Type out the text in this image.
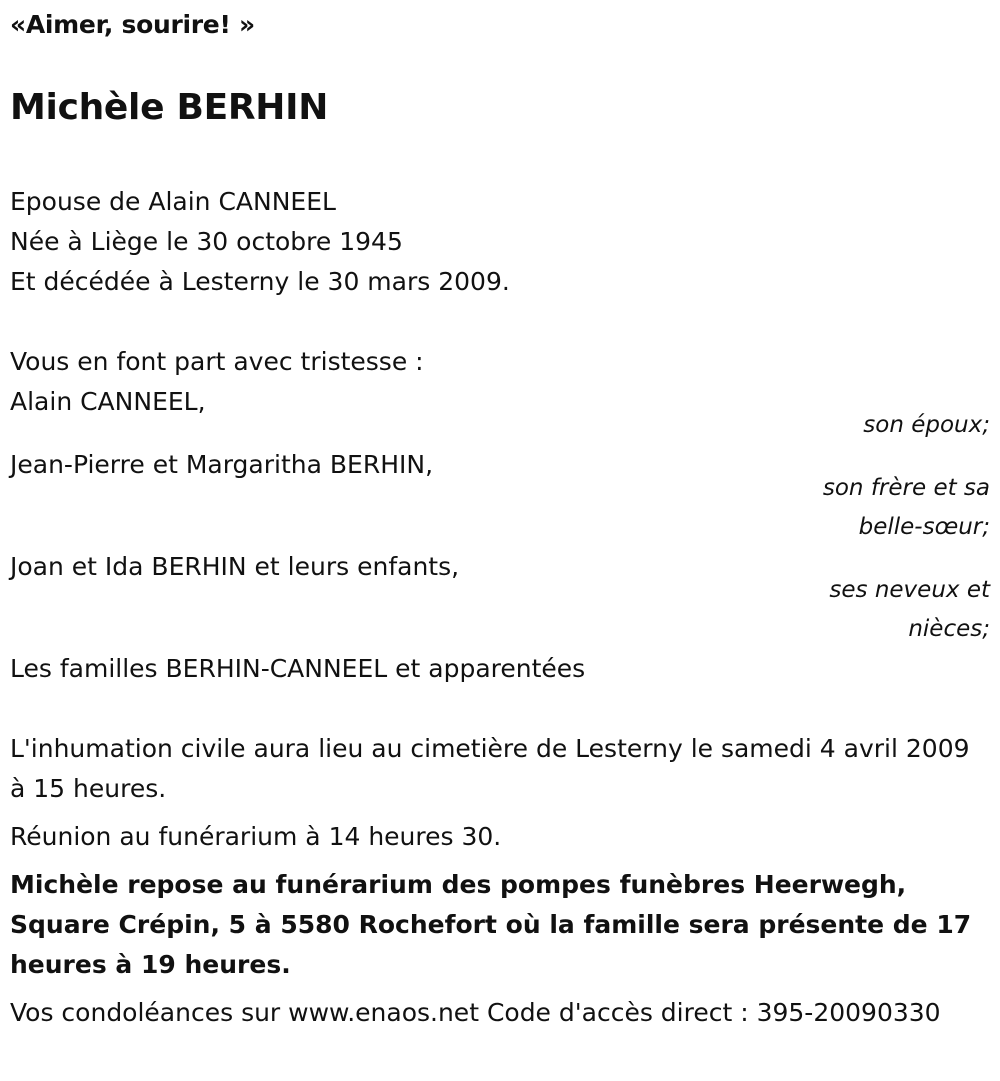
«Aimer, sourire! »
Michèle BERHIN
Epouse de Alain CANNEEL
Née à Liège le 30 octobre 1945
Et décédée à Lesterny le 30 mars 2009.
Vous en font part avec tristesse :
Alain CANNEEL,
son époux;
Jean-Pierre et Margaritha BERHIN,
son frère et sa
belle-sœur;
Joan et Ida BERHIN et leurs enfants,
ses neveux et
nièces;
Les familles BERHIN-CANNEEL et apparentées
L'inhumation civile aura lieu au cimetière de Lesterny le samedi 4 avril 2009 à 15 heures.
Réunion au funérarium à 14 heures 30.
Michèle repose au funérarium des pompes funèbres Heerwegh, Square Crépin, 5 à 5580 Rochefort où la famille sera présente de 17 heures à 19 heures.
Vos condoléances sur www.enaos.net Code d'accès direct : 395-20090330
